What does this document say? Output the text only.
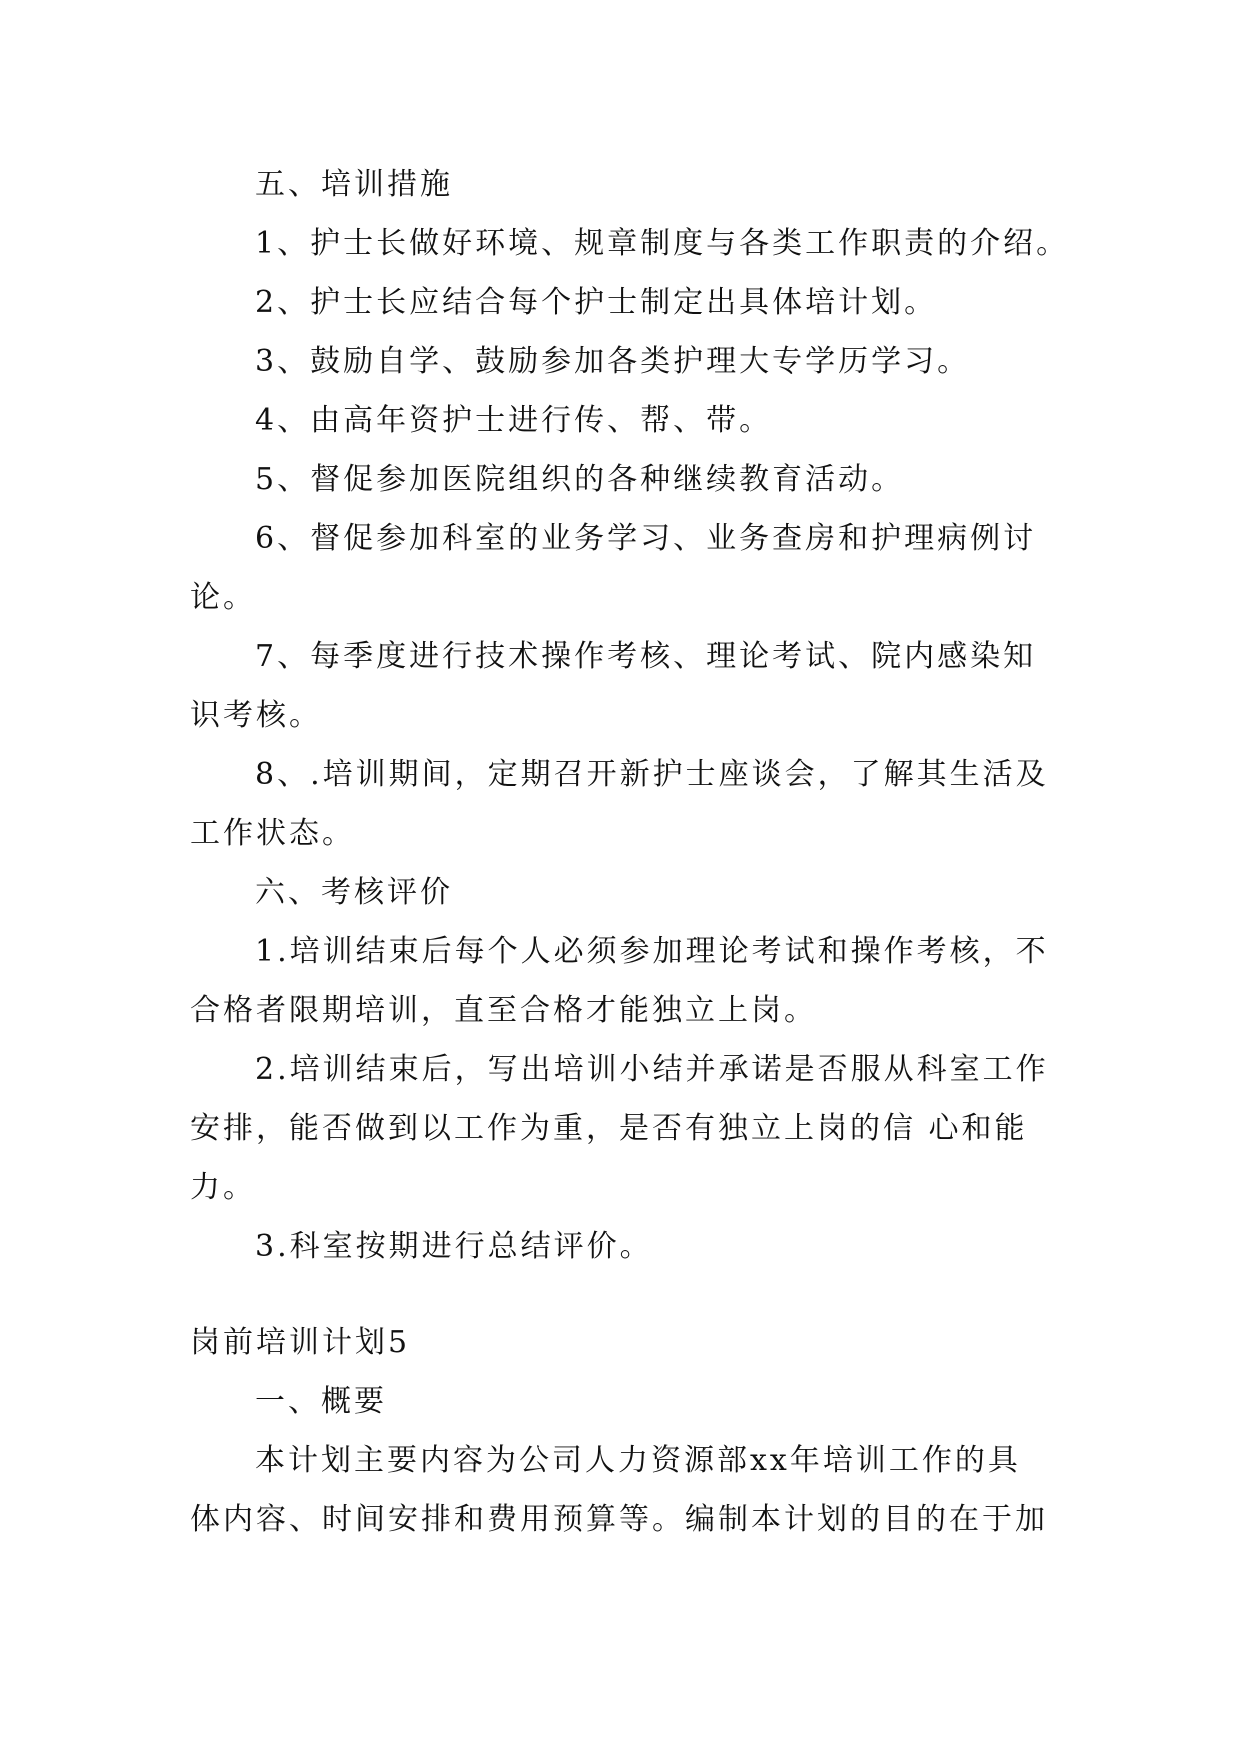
五、培训措施
1、护士长做好环境、规章制度与各类工作职责的介绍。
2、护士长应结合每个护士制定出具体培计划。
3、鼓励自学、鼓励参加各类护理大专学历学习。
4、由高年资护士进行传、帮、带。
5、督促参加医院组织的各种继续教育活动。
6、督促参加科室的业务学习、业务查房和护理病例讨
论。
7、每季度进行技术操作考核、理论考试、院内感染知
识考核。
8、.培训期间，定期召开新护士座谈会，了解其生活及
工作状态。
六、考核评价
1.培训结束后每个人必须参加理论考试和操作考核，不
合格者限期培训，直至合格才能独立上岗。
2.培训结束后，写出培训小结并承诺是否服从科室工作
安排，能否做到以工作为重，是否有独立上岗的信 心和能
力。
3.科室按期进行总结评价。
岗前培训计划5
一、概要
本计划主要内容为公司人力资源部xx年培训工作的具
体内容、时间安排和费用预算等。编制本计划的目的在于加
